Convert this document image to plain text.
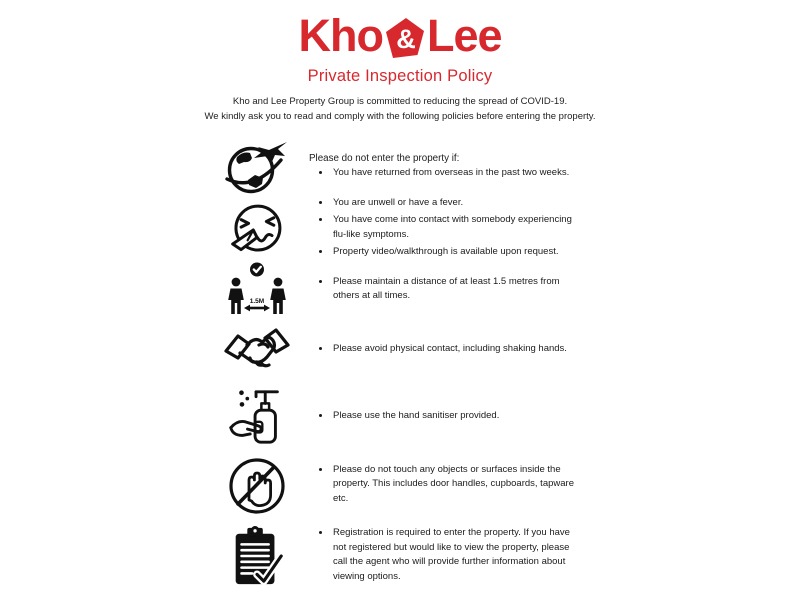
Kho & Lee
Private Inspection Policy
Kho and Lee Property Group is committed to reducing the spread of COVID-19.
We kindly ask you to read and comply with the following policies before entering the property.
Please do not enter the property if:
• You have returned from overseas in the past two weeks.
• You are unwell or have a fever.
• You have come into contact with somebody experiencing flu-like symptoms.
• Property video/walkthrough is available upon request.
1.5M
• Please maintain a distance of at least 1.5 metres from others at all times.
• Please avoid physical contact, including shaking hands.
• Please use the hand sanitiser provided.
• Please do not touch any objects or surfaces inside the property. This includes door handles, cupboards, tapware etc.
• Registration is required to enter the property. If you have not registered but would like to view the property, please call the agent who will provide further information about viewing options.
